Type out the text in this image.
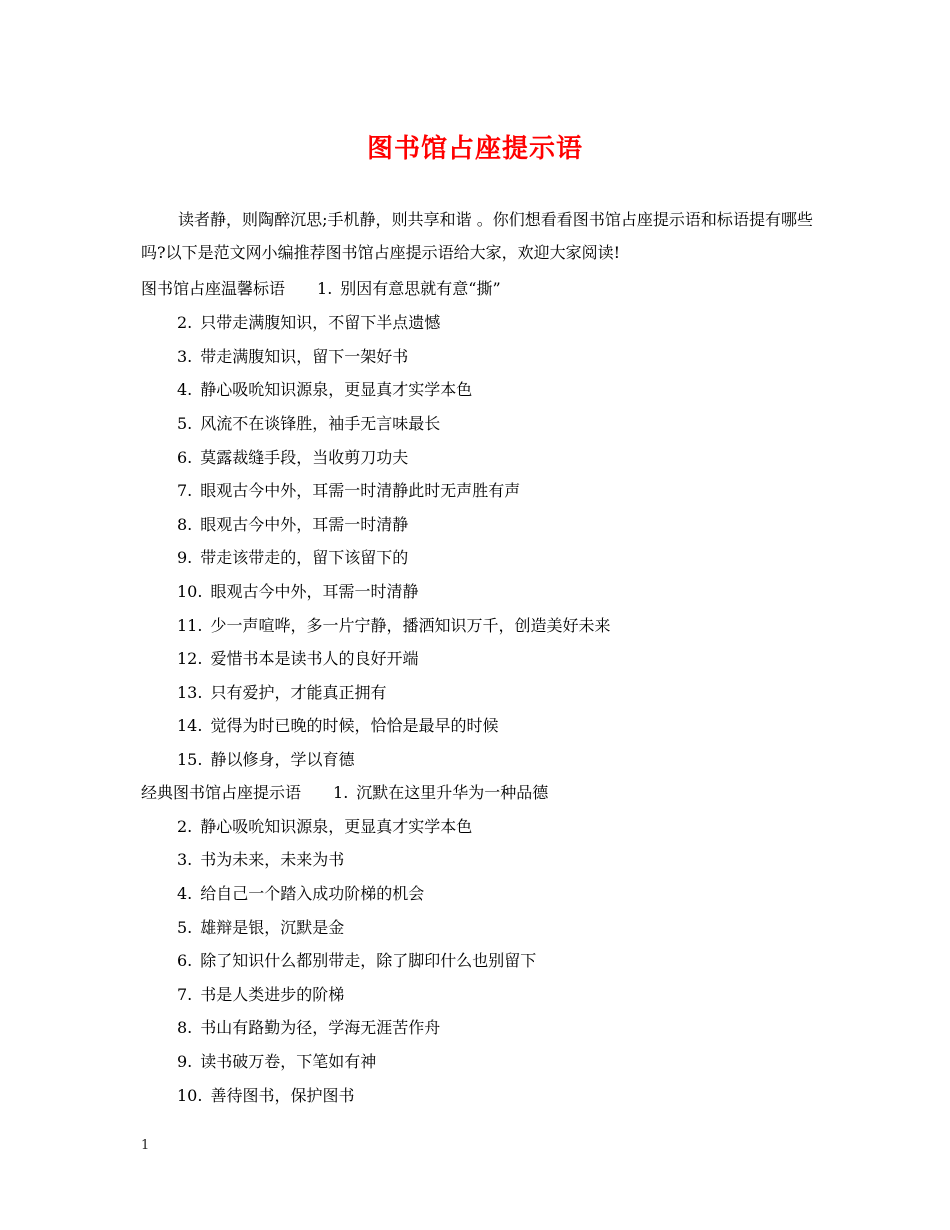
图书馆占座提示语
读者静，则陶醉沉思;手机静，则共享和谐 。你们想看看图书馆占座提示语和标语提有哪些吗?以下是范文网小编推荐图书馆占座提示语给大家，欢迎大家阅读!
图书馆占座温馨标语 1.  别因有意思就有意“撕”
2. 只带走满腹知识，不留下半点遗憾
3. 带走满腹知识，留下一架好书
4. 静心吸吮知识源泉，更显真才实学本色
5. 风流不在谈锋胜，袖手无言味最长
6. 莫露裁缝手段，当收剪刀功夫
7. 眼观古今中外，耳需一时清静此时无声胜有声
8. 眼观古今中外，耳需一时清静
9. 带走该带走的，留下该留下的
10. 眼观古今中外，耳需一时清静
11. 少一声喧哗，多一片宁静，播洒知识万千，创造美好未来
12. 爱惜书本是读书人的良好开端
13. 只有爱护，才能真正拥有
14. 觉得为时已晚的时候，恰恰是最早的时候
15. 静以修身，学以育德
经典图书馆占座提示语 1.  沉默在这里升华为一种品德
2. 静心吸吮知识源泉，更显真才实学本色
3. 书为未来，未来为书
4. 给自己一个踏入成功阶梯的机会
5. 雄辩是银，沉默是金
6. 除了知识什么都别带走，除了脚印什么也别留下
7. 书是人类进步的阶梯
8. 书山有路勤为径，学海无涯苦作舟
9. 读书破万卷，下笔如有神
10. 善待图书，保护图书
1
